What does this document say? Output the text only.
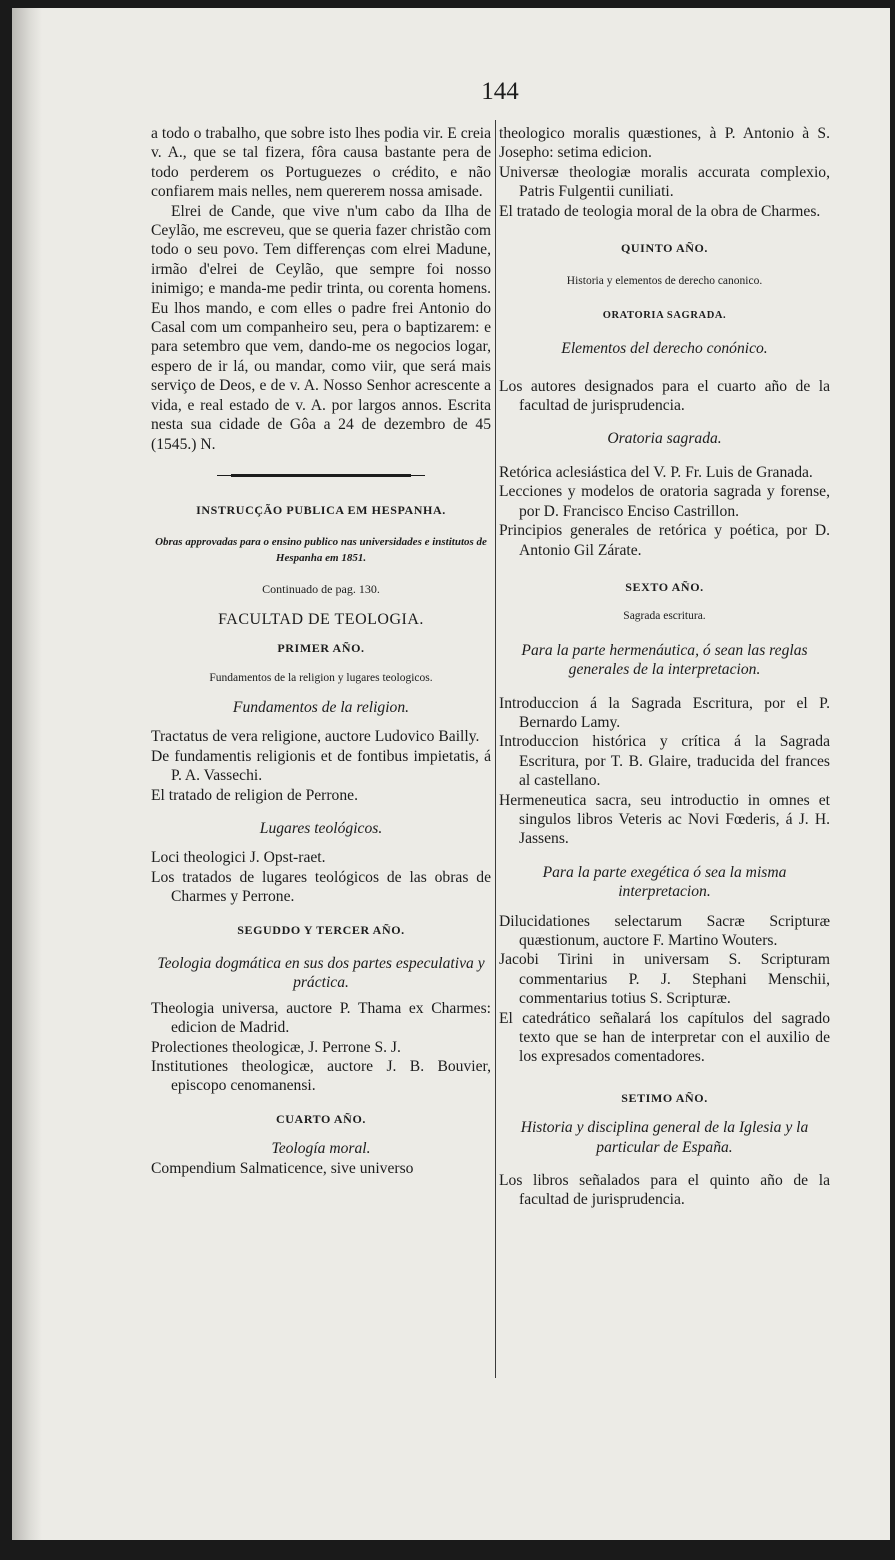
144

a todo o trabalho, que sobre isto lhes podia vir. E creia v. A., que se tal fizera, fôra causa bastante pera de todo perderem os Portuguezes o crédito, e não confiarem mais nelles, nem quererem nossa amisade.

Elrei de Cande, que vive n'um cabo da Ilha de Ceylão, me escreveu, que se queria fazer christão com todo o seu povo. Tem differenças com elrei Madune, irmão d'elrei de Ceylão, que sempre foi nosso inimigo; e manda-me pedir trinta, ou corenta homens. Eu lhos mando, e com elles o padre frei Antonio do Casal com um companheiro seu, pera o baptizarem: e para setembro que vem, dando-me os negocios logar, espero de ir lá, ou mandar, como viir, que será mais serviço de Deos, e de v. A. Nosso Senhor acrescente a vida, e real estado de v. A. por largos annos. Escrita nesta sua cidade de Gôa a 24 de dezembro de 45 (1545.) N.

INSTRUCÇÃO PUBLICA EM HESPANHA.

Obras approvadas para o ensino publico nas universidades e institutos de Hespanha em 1851.

Continuado de pag. 130.

FACULTAD DE TEOLOGIA.

PRIMER AÑO.

Fundamentos de la religion y lugares teologicos.

Fundamentos de la religion.

Tractatus de vera religione, auctore Ludovico Bailly.

De fundamentis religionis et de fontibus impietatis, á P. A. Vassechi.

El tratado de religion de Perrone.

Lugares teológicos.

Loci theologici J. Opst-raet.

Los tratados de lugares teológicos de las obras de Charmes y Perrone.

SEGUDDO Y TERCER AÑO.

Teologia dogmática en sus dos partes especulativa y práctica.

Theologia universa, auctore P. Thama ex Charmes: edicion de Madrid.

Prolectiones theologicæ, J. Perrone S. J.

Institutiones theologicæ, auctore J. B. Bouvier, episcopo cenomanensi.

CUARTO AÑO.

Teología moral.

Compendium Salmaticence, sive universo

theologico moralis quæstiones, à P. Antonio à S. Josepho: setima edicion.

Universæ theologiæ moralis accurata complexio, Patris Fulgentii cuniliati.

El tratado de teologia moral de la obra de Charmes.

QUINTO AÑO.

Historia y elementos de derecho canonico.

ORATORIA SAGRADA.

Elementos del derecho conónico.

Los autores designados para el cuarto año de la facultad de jurisprudencia.

Oratoria sagrada.

Retórica aclesiástica del V. P. Fr. Luis de Granada.

Lecciones y modelos de oratoria sagrada y forense, por D. Francisco Enciso Castrillon.

Principios generales de retórica y poética, por D. Antonio Gil Zárate.

SEXTO AÑO.

Sagrada escritura.

Para la parte hermenáutica, ó sean las reglas generales de la interpretacion.

Introduccion á la Sagrada Escritura, por el P. Bernardo Lamy.

Introduccion histórica y crítica á la Sagrada Escritura, por T. B. Glaire, traducida del frances al castellano.

Hermeneutica sacra, seu introductio in omnes et singulos libros Veteris ac Novi Fœderis, á J. H. Jassens.

Para la parte exegética ó sea la misma interpretacion.

Dilucidationes selectarum Sacræ Scripturæ quæstionum, auctore F. Martino Wouters.

Jacobi Tirini in universam S. Scripturam commentarius P. J. Stephani Menschii, commentarius totius S. Scripturæ.

El catedrático señalará los capítulos del sagrado texto que se han de interpretar con el auxilio de los expresados comentadores.

SETIMO AÑO.

Historia y disciplina general de la Iglesia y la particular de España.

Los libros señalados para el quinto año de la facultad de jurisprudencia.
